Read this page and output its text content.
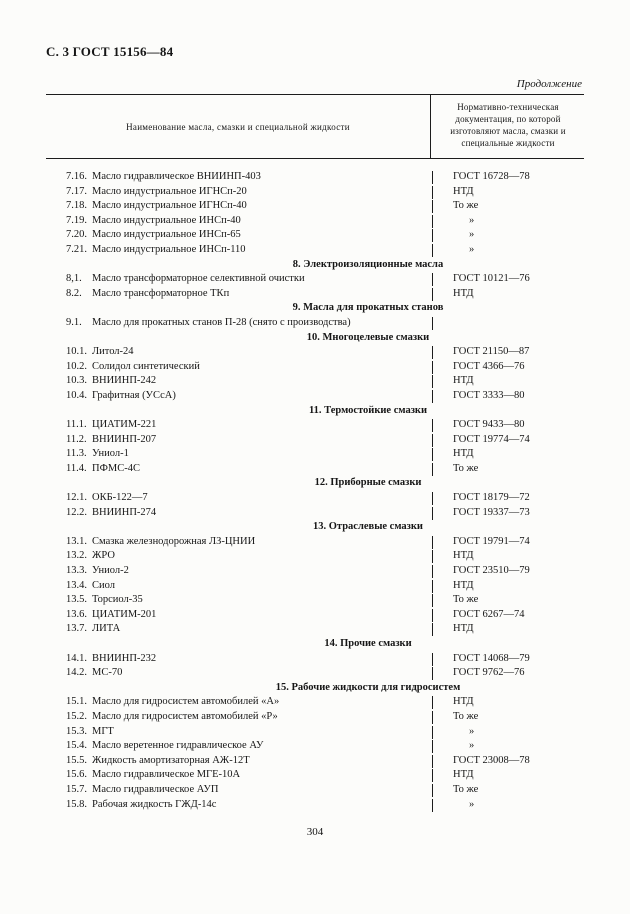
С. 3 ГОСТ 15156—84
Продолжение
Наименование масла, смазки и специальной жидкости
Нормативно-техническая
документация, по которой
изготовляют масла, смазки и
специальные жидкости
7.16. Масло гидравлическое ВНИИНП-403	ГОСТ 16728—78
7.17. Масло индустриальное ИГНСп-20	НТД
7.18. Масло индустриальное ИГНСп-40	То же
7.19. Масло индустриальное ИНСп-40	»
7.20. Масло индустриальное ИНСп-65	»
7.21. Масло индустриальное ИНСп-110	»
8. Электроизоляционные масла
8,1. Масло трансформаторное селективной очистки	ГОСТ 10121—76
8.2. Масло трансформаторное ТКп	НТД
9. Масла для прокатных станов
9.1. Масло для прокатных станов П-28 (снято с производства)
10. Многоцелевые смазки
10.1. Литол-24	ГОСТ 21150—87
10.2. Солидол синтетический	ГОСТ 4366—76
10.3. ВНИИНП-242	НТД
10.4. Графитная (УСсА)	ГОСТ 3333—80
11. Термостойкие смазки
11.1. ЦИАТИМ-221	ГОСТ 9433—80
11.2. ВНИИНП-207	ГОСТ 19774—74
11.3. Униол-1	НТД
11.4. ПФМС-4С	То же
12. Приборные смазки
12.1. ОКБ-122—7	ГОСТ 18179—72
12.2. ВНИИНП-274	ГОСТ 19337—73
13. Отраслевые смазки
13.1. Смазка железнодорожная ЛЗ-ЦНИИ	ГОСТ 19791—74
13.2. ЖРО	НТД
13.3. Униол-2	ГОСТ 23510—79
13.4. Сиол	НТД
13.5. Торсиол-35	То же
13.6. ЦИАТИМ-201	ГОСТ 6267—74
13.7. ЛИТА	НТД
14. Прочие смазки
14.1. ВНИИНП-232	ГОСТ 14068—79
14.2. МС-70	ГОСТ 9762—76
15. Рабочие жидкости для гидросистем
15.1. Масло для гидросистем автомобилей «А»	НТД
15.2. Масло для гидросистем автомобилей «Р»	То же
15.3. МГТ	»
15.4. Масло веретенное гидравлическое АУ	»
15.5. Жидкость амортизаторная АЖ-12Т	ГОСТ 23008—78
15.6. Масло гидравлическое МГЕ-10А	НТД
15.7. Масло гидравлическое АУП	То же
15.8. Рабочая жидкость ГЖД-14с	»
304
